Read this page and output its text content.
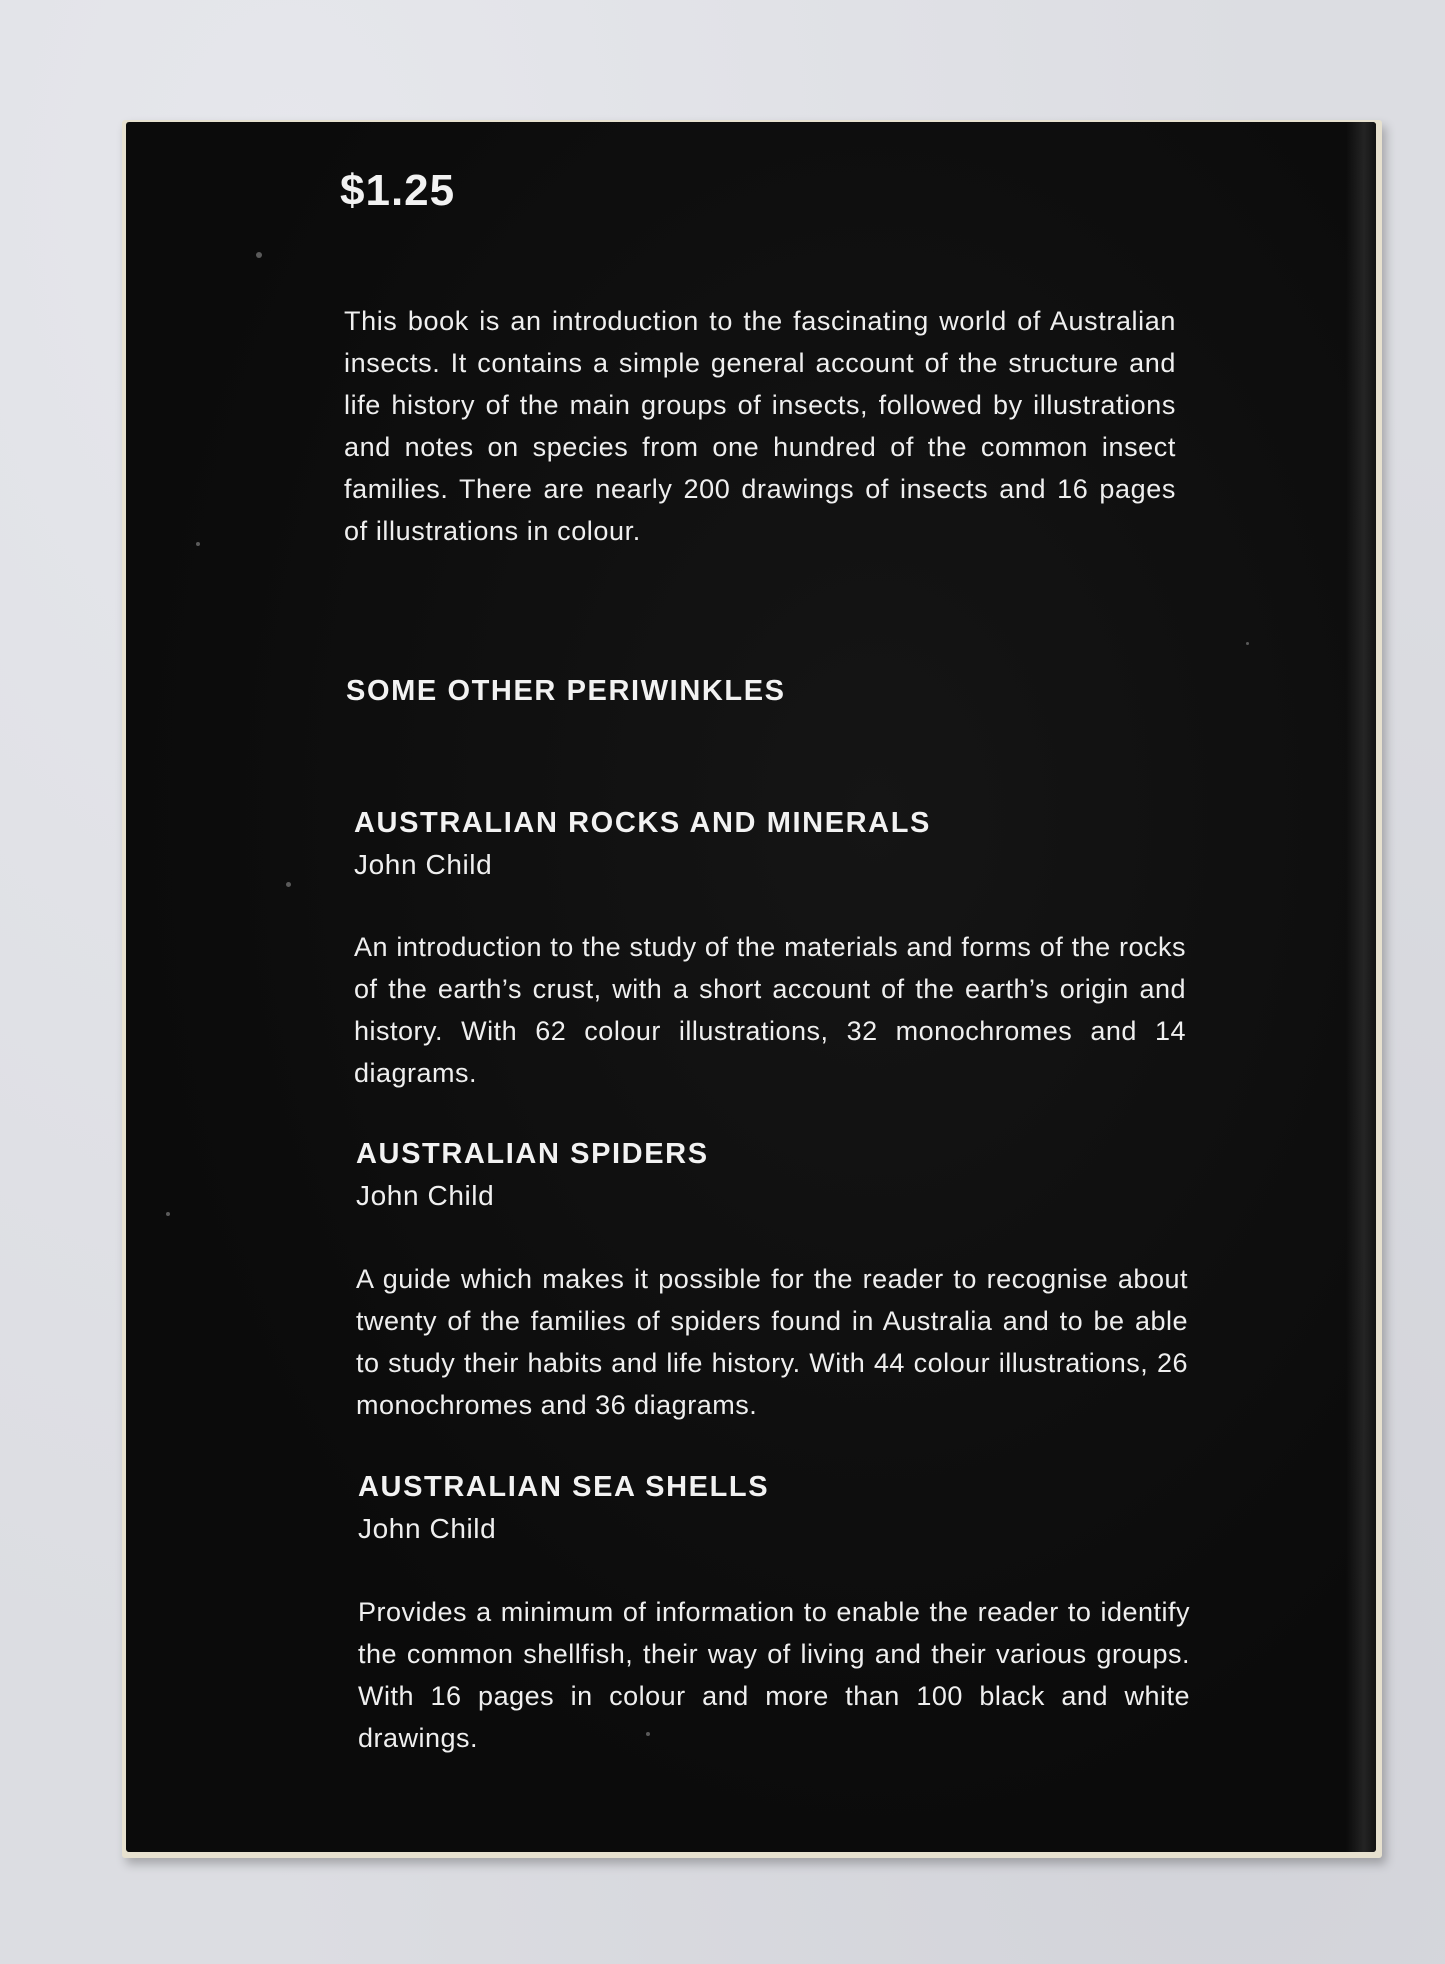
$1.25
This book is an introduction to the fascinating world of Australian insects. It contains a simple general account of the structure and life history of the main groups of insects, followed by illustrations and notes on species from one hundred of the common insect families. There are nearly 200 drawings of insects and 16 pages of illustrations in colour.
SOME OTHER PERIWINKLES
AUSTRALIAN ROCKS AND MINERALS
John Child
An introduction to the study of the materials and forms of the rocks of the earth’s crust, with a short account of the earth’s origin and history. With 62 colour illustrations, 32 monochromes and 14 diagrams.
AUSTRALIAN SPIDERS
John Child
A guide which makes it possible for the reader to recognise about twenty of the families of spiders found in Australia and to be able to study their habits and life history. With 44 colour illustrations, 26 monochromes and 36 diagrams.
AUSTRALIAN SEA SHELLS
John Child
Provides a minimum of information to enable the reader to identify the common shellfish, their way of living and their various groups. With 16 pages in colour and more than 100 black and white drawings.
